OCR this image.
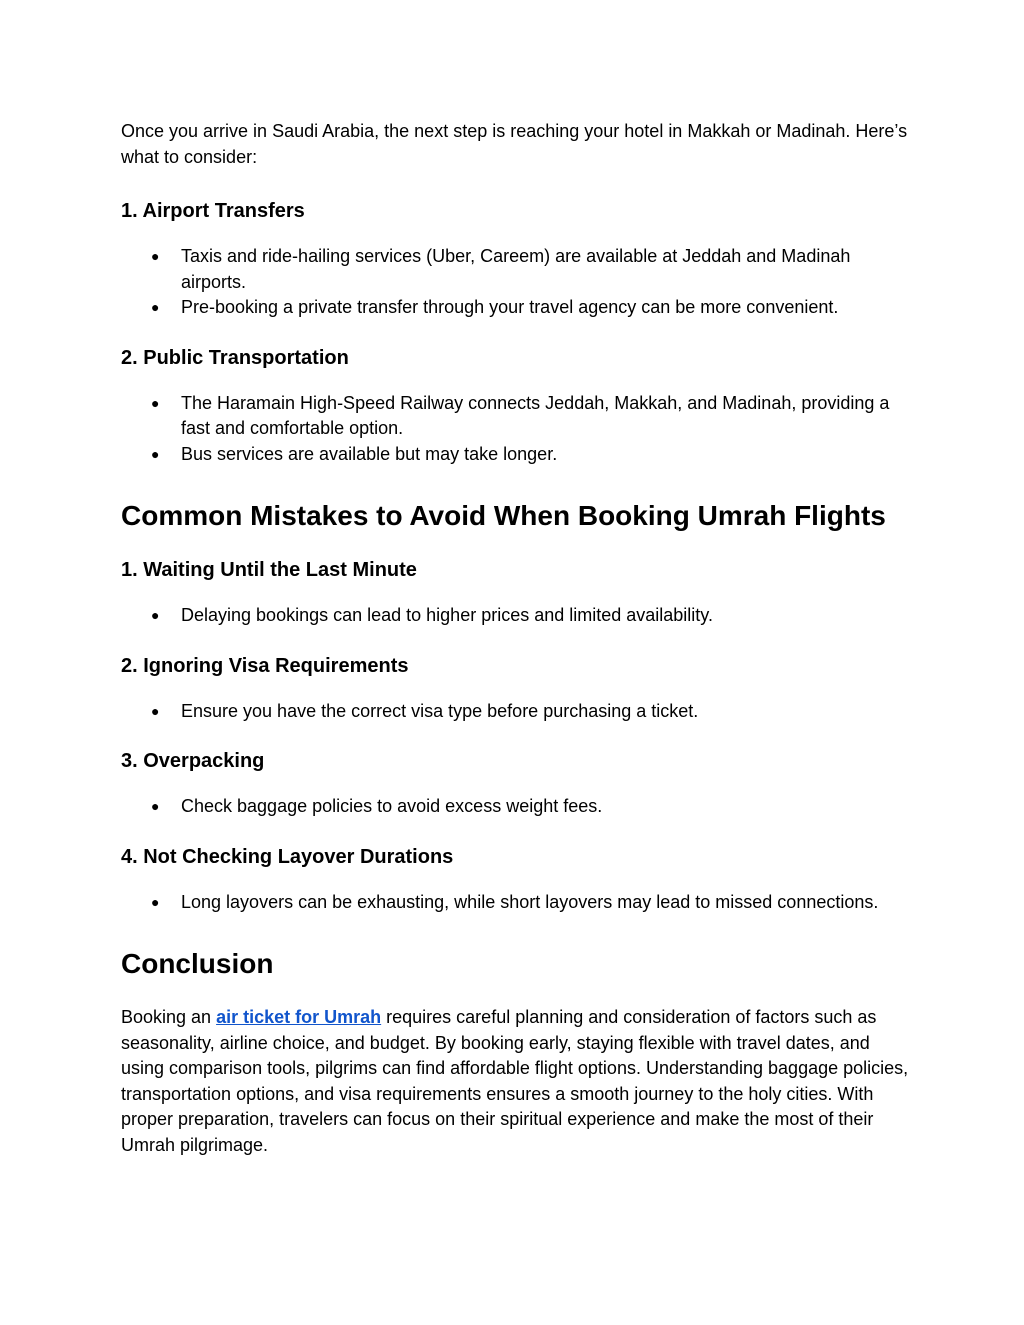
Once you arrive in Saudi Arabia, the next step is reaching your hotel in Makkah or Madinah. Here’s what to consider:

1. Airport Transfers
● Taxis and ride-hailing services (Uber, Careem) are available at Jeddah and Madinah airports.
● Pre-booking a private transfer through your travel agency can be more convenient.
2. Public Transportation
● The Haramain High-Speed Railway connects Jeddah, Makkah, and Madinah, providing a fast and comfortable option.
● Bus services are available but may take longer.
Common Mistakes to Avoid When Booking Umrah Flights
1. Waiting Until the Last Minute
● Delaying bookings can lead to higher prices and limited availability.
2. Ignoring Visa Requirements
● Ensure you have the correct visa type before purchasing a ticket.
3. Overpacking
● Check baggage policies to avoid excess weight fees.
4. Not Checking Layover Durations
● Long layovers can be exhausting, while short layovers may lead to missed connections.
Conclusion

Booking an air ticket for Umrah requires careful planning and consideration of factors such as seasonality, airline choice, and budget. By booking early, staying flexible with travel dates, and using comparison tools, pilgrims can find affordable flight options. Understanding baggage policies, transportation options, and visa requirements ensures a smooth journey to the holy cities. With proper preparation, travelers can focus on their spiritual experience and make the most of their Umrah pilgrimage.
